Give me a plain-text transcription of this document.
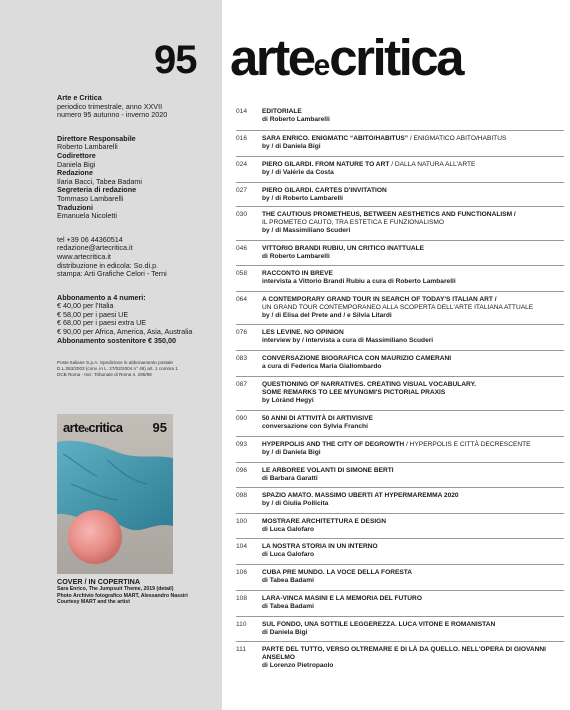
95 arteecritica
Arte e Critica
periodico trimestrale, anno XXVII
numero 95 autunno - inverno 2020
Direttore Responsabile
Roberto Lambarelli
Codirettore
Daniela Bigi
Redazione
Ilaria Bacci, Tabea Badami
Segreteria di redazione
Tommaso Lambarelli
Traduzioni
Emanuela Nicoletti
tel +39 06 44360514
redazione@artecritica.it
www.artecritica.it
distribuzione in edicola: So.di.p.
stampa: Arti Grafiche Celori - Terni
Abbonamento a 4 numeri:
€ 40,00 per l'Italia
€ 58,00 per i paesi UE
€ 68,00 per i paesi extra UE
€ 90,00 per Africa, America, Asia, Australia
Abbonamento sostenitore € 350,00
Poste Italiane S.p.A. Spedizione in abbonamento postale
D.L.353/2003 (conv. in L. 27/02/2004 n° 46) art. 1 comma 1
DCB Roma - Iscr. Tribunale di Roma n. 285/98
arteecritica 95
COVER / IN COPERTINA
Sara Enrico, The Jumpsuit Theme, 2019 (detail)
Photo Archivio fotografico MART, Alessandro Nassiri
Courtesy MART and the artist
014	EDITORIALE
di Roberto Lambarelli
016	SARA ENRICO. ENIGMATIC “ABITO/HABITUS” / ENIGMATICO ABITO/HABITUS
by / di Daniela Bigi
024	PIERO GILARDI. FROM NATURE TO ART / DALLA NATURA ALL'ARTE
by / di Valérie da Costa
027	PIERO GILARDI. CARTES D'INVITATION
by / di Roberto Lambarelli
030	THE CAUTIOUS PROMETHEUS, BETWEEN AESTHETICS AND FUNCTIONALISM /
IL PROMETEO CAUTO, TRA ESTETICA E FUNZIONALISMO
by / di Massimiliano Scuderi
046	VITTORIO BRANDI RUBIU, UN CRITICO INATTUALE
di Roberto Lambarelli
058	RACCONTO IN BREVE
intervista a Vittorio Brandi Rubiu a cura di Roberto Lambarelli
064	A CONTEMPORARY GRAND TOUR IN SEARCH OF TODAY'S ITALIAN ART /
UN GRAND TOUR CONTEMPORANEO ALLA SCOPERTA DELL'ARTE ITALIANA ATTUALE
by / di Elisa del Prete and / e Silvia Litardi
076	LES LEVINE. NO OPINION
interview by / intervista a cura di Massimiliano Scuderi
083	CONVERSAZIONE BIOGRAFICA CON MAURIZIO CAMERANI
a cura di Federica Maria Giallombardo
087	QUESTIONING OF NARRATIVES. CREATING VISUAL VOCABULARY.
SOME REMARKS TO LEE MYUNGMI'S PICTORIAL PRAXIS
by Lóránd Hegyi
090	50 ANNI DI ATTIVITÀ DI ARTIVISIVE
conversazione con Sylvia Franchi
093	HYPERPOLIS AND THE CITY OF DEGROWTH / HYPERPOLIS E CITTÀ DECRESCENTE
by / di Daniela Bigi
096	LE ARBOREE VOLANTI DI SIMONE BERTI
di Barbara Garatti
098	SPAZIO AMATO. MASSIMO UBERTI AT HYPERMAREMMA 2020
by / di Giulia Pollicita
100	MOSTRARE ARCHITETTURA E DESIGN
di Luca Galofaro
104	LA NOSTRA STORIA IN UN INTERNO
di Luca Galofaro
106	CUBA PRE MUNDO. LA VOCE DELLA FORESTA
di Tabea Badami
108	LARA-VINCA MASINI E LA MEMORIA DEL FUTURO
di Tabea Badami
110	SUL FONDO, UNA SOTTILE LEGGEREZZA. LUCA VITONE E ROMANISTAN
di Daniela Bigi
111	PARTE DEL TUTTO, VERSO OLTREMARE E DI LÀ DA QUELLO. NELL'OPERA DI GIOVANNI ANSELMO
di Lorenzo Pietropaolo
